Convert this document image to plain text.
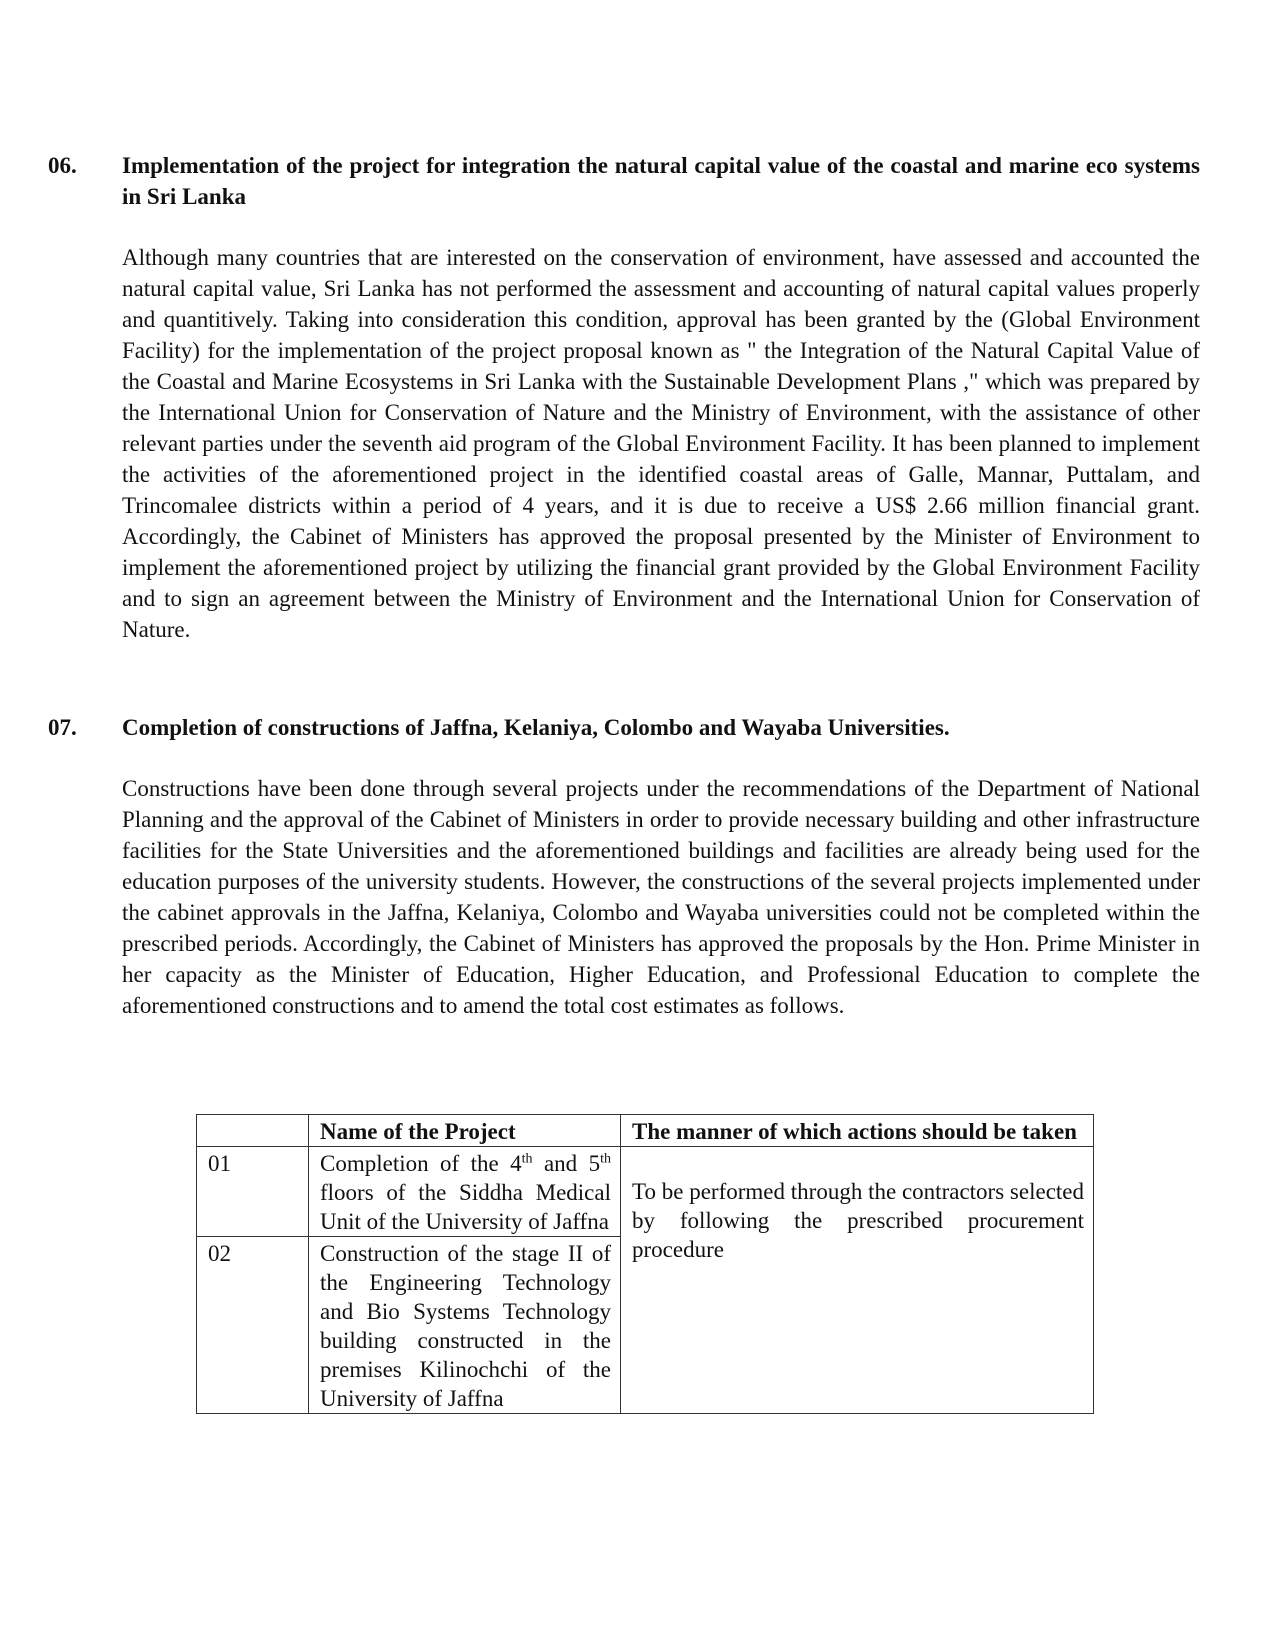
06. Implementation of the project for integration the natural capital value of the coastal and marine eco systems in Sri Lanka

Although many countries that are interested on the conservation of environment, have assessed and accounted the natural capital value, Sri Lanka has not performed the assessment and accounting of natural capital values properly and quantitively. Taking into consideration this condition, approval has been granted by the (Global Environment Facility) for the implementation of the project proposal known as " the Integration of the Natural Capital Value of the Coastal and Marine Ecosystems in Sri Lanka with the Sustainable Development Plans ," which was prepared by the International Union for Conservation of Nature and the Ministry of Environment, with the assistance of other relevant parties under the seventh aid program of the Global Environment Facility. It has been planned to implement the activities of the aforementioned project in the identified coastal areas of Galle, Mannar, Puttalam, and Trincomalee districts within a period of 4 years, and it is due to receive a US$ 2.66 million financial grant. Accordingly, the Cabinet of Ministers has approved the proposal presented by the Minister of Environment to implement the aforementioned project by utilizing the financial grant provided by the Global Environment Facility and to sign an agreement between the Ministry of Environment and the International Union for Conservation of Nature.

07. Completion of constructions of Jaffna, Kelaniya, Colombo and Wayaba Universities.

Constructions have been done through several projects under the recommendations of the Department of National Planning and the approval of the Cabinet of Ministers in order to provide necessary building and other infrastructure facilities for the State Universities and the aforementioned buildings and facilities are already being used for the education purposes of the university students. However, the constructions of the several projects implemented under the cabinet approvals in the Jaffna, Kelaniya, Colombo and Wayaba universities could not be completed within the prescribed periods. Accordingly, the Cabinet of Ministers has approved the proposals by the Hon. Prime Minister in her capacity as the Minister of Education, Higher Education, and Professional Education to complete the aforementioned constructions and to amend the total cost estimates as follows.

	Name of the Project	The manner of which actions should be taken
01	Completion of the 4th and 5th floors of the Siddha Medical Unit of the University of Jaffna	To be performed through the contractors selected by following the prescribed procurement procedure

02	Construction of the stage II of the Engineering Technology and Bio Systems Technology building constructed in the premises Kilinochchi of the University of Jaffna	
